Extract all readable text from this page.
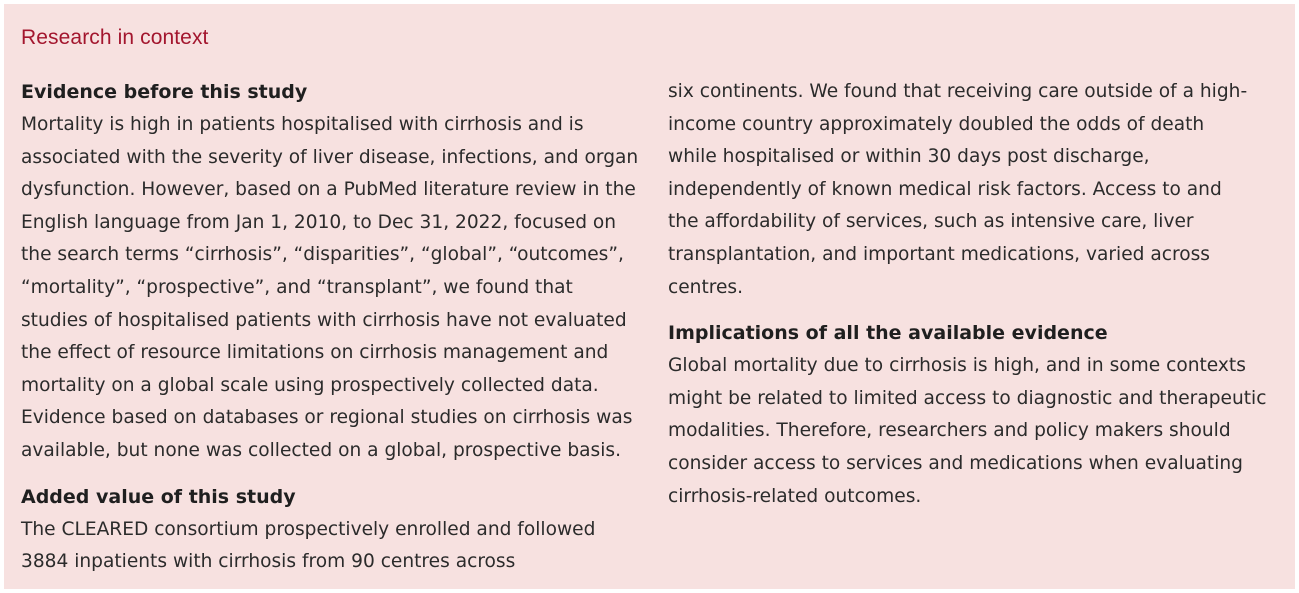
Research in context
Evidence before this study
Mortality is high in patients hospitalised with cirrhosis and is
associated with the severity of liver disease, infections, and organ
dysfunction. However, based on a PubMed literature review in the
English language from Jan 1, 2010, to Dec 31, 2022, focused on
the search terms “cirrhosis”, “disparities”, “global”, “outcomes”,
“mortality”, “prospective”, and “transplant”, we found that
studies of hospitalised patients with cirrhosis have not evaluated
the effect of resource limitations on cirrhosis management and
mortality on a global scale using prospectively collected data.
Evidence based on databases or regional studies on cirrhosis was
available, but none was collected on a global, prospective basis.
Added value of this study
The CLEARED consortium prospectively enrolled and followed
3884 inpatients with cirrhosis from 90 centres across
six continents. We found that receiving care outside of a high-
income country approximately doubled the odds of death
while hospitalised or within 30 days post discharge,
independently of known medical risk factors. Access to and
the affordability of services, such as intensive care, liver
transplantation, and important medications, varied across
centres.
Implications of all the available evidence
Global mortality due to cirrhosis is high, and in some contexts
might be related to limited access to diagnostic and therapeutic
modalities. Therefore, researchers and policy makers should
consider access to services and medications when evaluating
cirrhosis-related outcomes.
